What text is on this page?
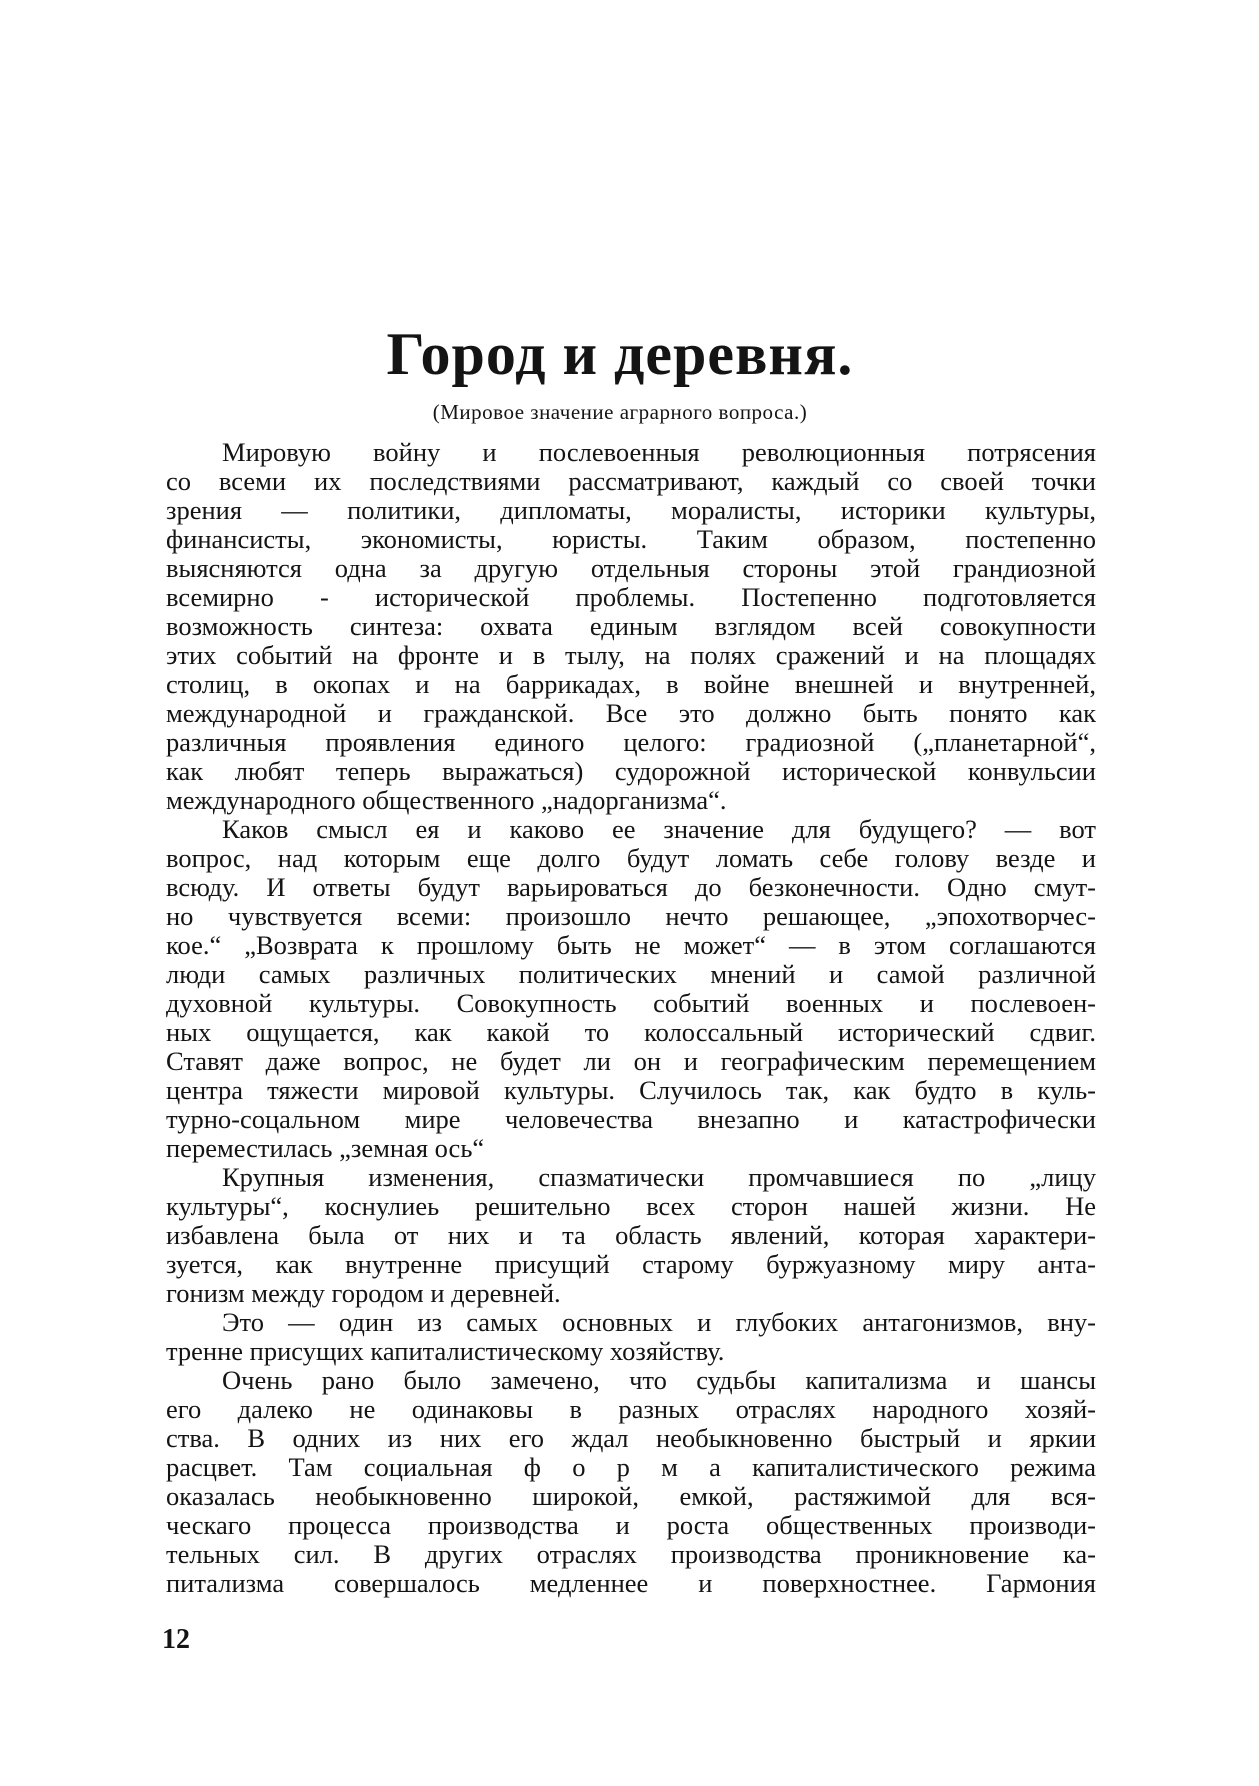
Город и деревня.

(Мировое значение аграрного вопроса.)

Мировую войну и послевоенныя революционныя потрясения
со всеми их последствиями рассматривают, каждый со своей точки
зрения — политики, дипломаты, моралисты, историки культуры,
финансисты, экономисты, юристы. Таким образом, постепенно
выясняются одна за другую отдельныя стороны этой грандиозной
всемирно - исторической проблемы. Постепенно подготовляется
возможность синтеза: охвата единым взглядом всей совокупности
этих событий на фронте и в тылу, на полях сражений и на площадях
столиц, в окопах и на баррикадах, в войне внешней и внутренней,
международной и гражданской. Все это должно быть понято как
различныя проявления единого целого: градиозной („планетарной“,
как любят теперь выражаться) судорожной исторической конвульсии
международного общественного „надорганизма“.
Каков смысл ея и каково ее значение для будущего? — вот
вопрос, над которым еще долго будут ломать себе голову везде и
всюду. И ответы будут варьироваться до безконечности. Одно смут-
но чувствуется всеми: произошло нечто решающее, „эпохотворчес-
кое.“ „Возврата к прошлому быть не может“ — в этом соглашаются
люди самых различных политических мнений и самой различной
духовной культуры. Совокупность событий военных и послевоен-
ных ощущается, как какой то колоссальный исторический сдвиг.
Ставят даже вопрос, не будет ли он и географическим перемещением
центра тяжести мировой культуры. Случилось так, как будто в куль-
турно-соцальном мире человечества внезапно и катастрофически
переместилась „земная ось“
Крупныя изменения, спазматически промчавшиеся по „лицу
культуры“, коснулиеь решительно всех сторон нашей жизни. Не
избавлена была от них и та область явлений, которая характери-
зуется, как внутренне присущий старому буржуазному миру анта-
гонизм между городом и деревней.
Это — один из самых основных и глубоких антагонизмов, вну-
тренне присущих капиталистическому хозяйству.
Очень рано было замечено, что судьбы капитализма и шансы
его далеко не одинаковы в разных отраслях народного хозяй-
ства. В одних из них его ждал необыкновенно быстрый и яркии
расцвет. Там социальная ф о р м а капиталистического режима
оказалась необыкновенно широкой, емкой, растяжимой для вся-
ческаго процесса производства и роста общественных производи-
тельных сил. В других отраслях производства проникновение ка-
питализма совершалось медленнее и поверхностнее. Гармония
12
